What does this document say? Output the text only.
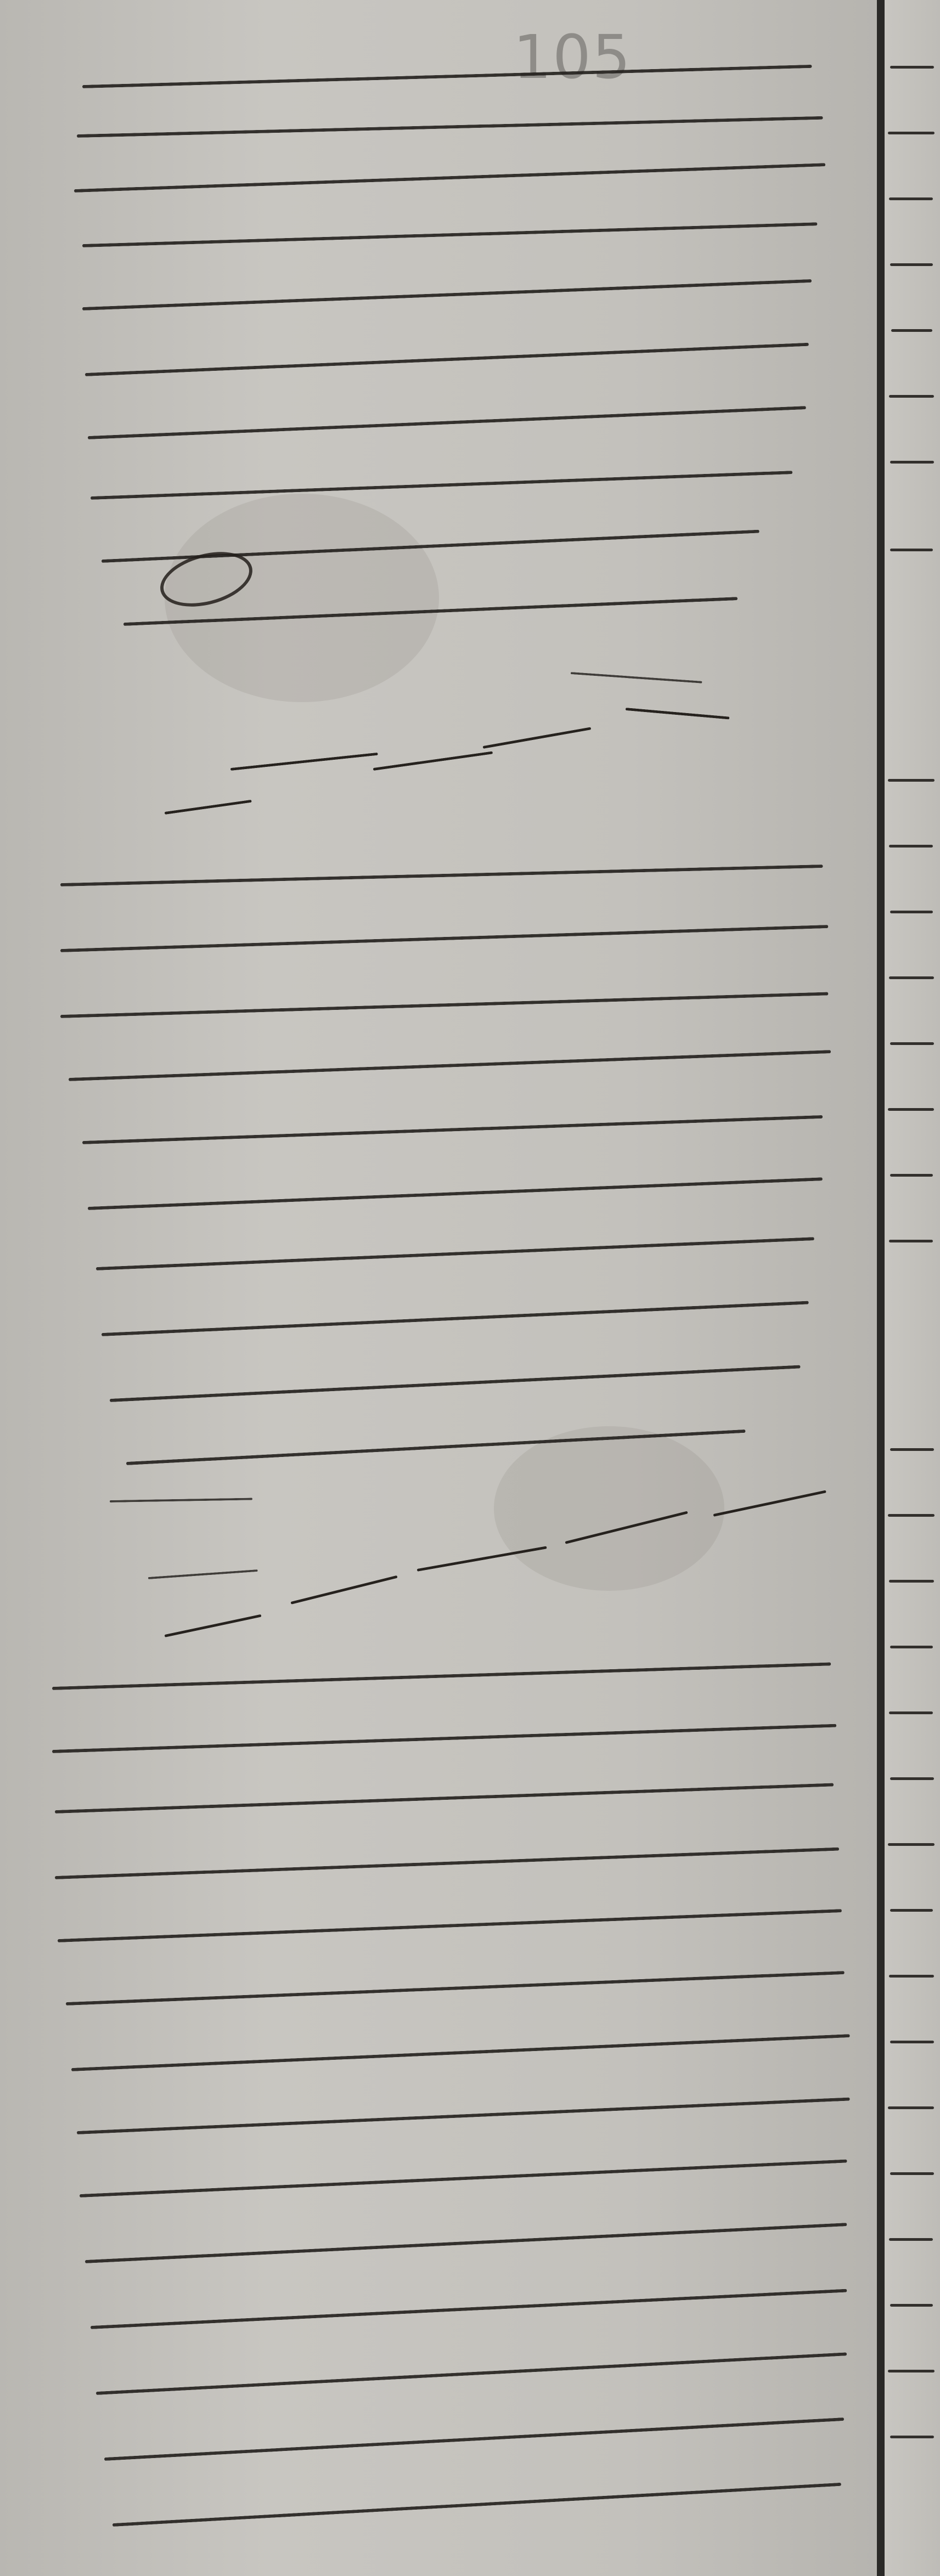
105
